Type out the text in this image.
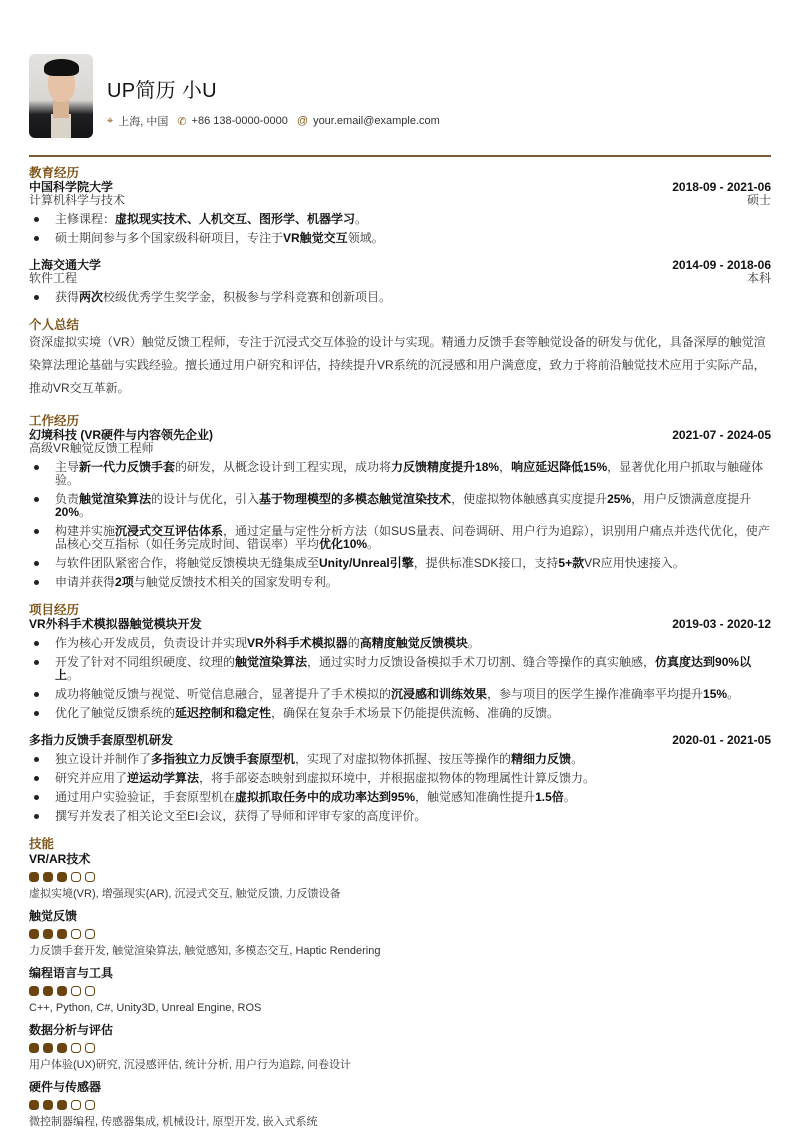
UP简历 小U
⌖ 上海, 中国 ✆ +86 138-0000-0000 @ your.email@example.com
教育经历
中国科学院大学	2018-09 - 2021-06
计算机科学与技术	硕士
主修课程：虚拟现实技术、人机交互、图形学、机器学习。
硕士期间参与多个国家级科研项目，专注于VR触觉交互领域。
上海交通大学	2014-09 - 2018-06
软件工程	本科
获得两次校级优秀学生奖学金，积极参与学科竞赛和创新项目。
个人总结
资深虚拟实境（VR）触觉反馈工程师，专注于沉浸式交互体验的设计与实现。精通力反馈手套等触觉设备的研发与优化，具备深厚的触觉渲染算法理论基础与实践经验。擅长通过用户研究和评估，持续提升VR系统的沉浸感和用户满意度，致力于将前沿触觉技术应用于实际产品，推动VR交互革新。
工作经历
幻境科技 (VR硬件与内容领先企业)	2021-07 - 2024-05
高级VR触觉反馈工程师
主导新一代力反馈手套的研发，从概念设计到工程实现，成功将力反馈精度提升18%，响应延迟降低15%，显著优化用户抓取与触碰体验。
负责触觉渲染算法的设计与优化，引入基于物理模型的多模态触觉渲染技术，使虚拟物体触感真实度提升25%，用户反馈满意度提升20%。
构建并实施沉浸式交互评估体系，通过定量与定性分析方法（如SUS量表、问卷调研、用户行为追踪），识别用户痛点并迭代优化，使产品核心交互指标（如任务完成时间、错误率）平均优化10%。
与软件团队紧密合作，将触觉反馈模块无缝集成至Unity/Unreal引擎，提供标准SDK接口，支持5+款VR应用快速接入。
申请并获得2项与触觉反馈技术相关的国家发明专利。
项目经历
VR外科手术模拟器触觉模块开发	2019-03 - 2020-12
作为核心开发成员，负责设计并实现VR外科手术模拟器的高精度触觉反馈模块。
开发了针对不同组织硬度、纹理的触觉渲染算法，通过实时力反馈设备模拟手术刀切割、缝合等操作的真实触感，仿真度达到90%以上。
成功将触觉反馈与视觉、听觉信息融合，显著提升了手术模拟的沉浸感和训练效果，参与项目的医学生操作准确率平均提升15%。
优化了触觉反馈系统的延迟控制和稳定性，确保在复杂手术场景下仍能提供流畅、准确的反馈。
多指力反馈手套原型机研发	2020-01 - 2021-05
独立设计并制作了多指独立力反馈手套原型机，实现了对虚拟物体抓握、按压等操作的精细力反馈。
研究并应用了逆运动学算法，将手部姿态映射到虚拟环境中，并根据虚拟物体的物理属性计算反馈力。
通过用户实验验证，手套原型机在虚拟抓取任务中的成功率达到95%，触觉感知准确性提升1.5倍。
撰写并发表了相关论文至EI会议，获得了导师和评审专家的高度评价。
技能
VR/AR技术
虚拟实境(VR), 增强现实(AR), 沉浸式交互, 触觉反馈, 力反馈设备
触觉反馈
力反馈手套开发, 触觉渲染算法, 触觉感知, 多模态交互, Haptic Rendering
编程语言与工具
C++, Python, C#, Unity3D, Unreal Engine, ROS
数据分析与评估
用户体验(UX)研究, 沉浸感评估, 统计分析, 用户行为追踪, 问卷设计
硬件与传感器
微控制器编程, 传感器集成, 机械设计, 原型开发, 嵌入式系统
